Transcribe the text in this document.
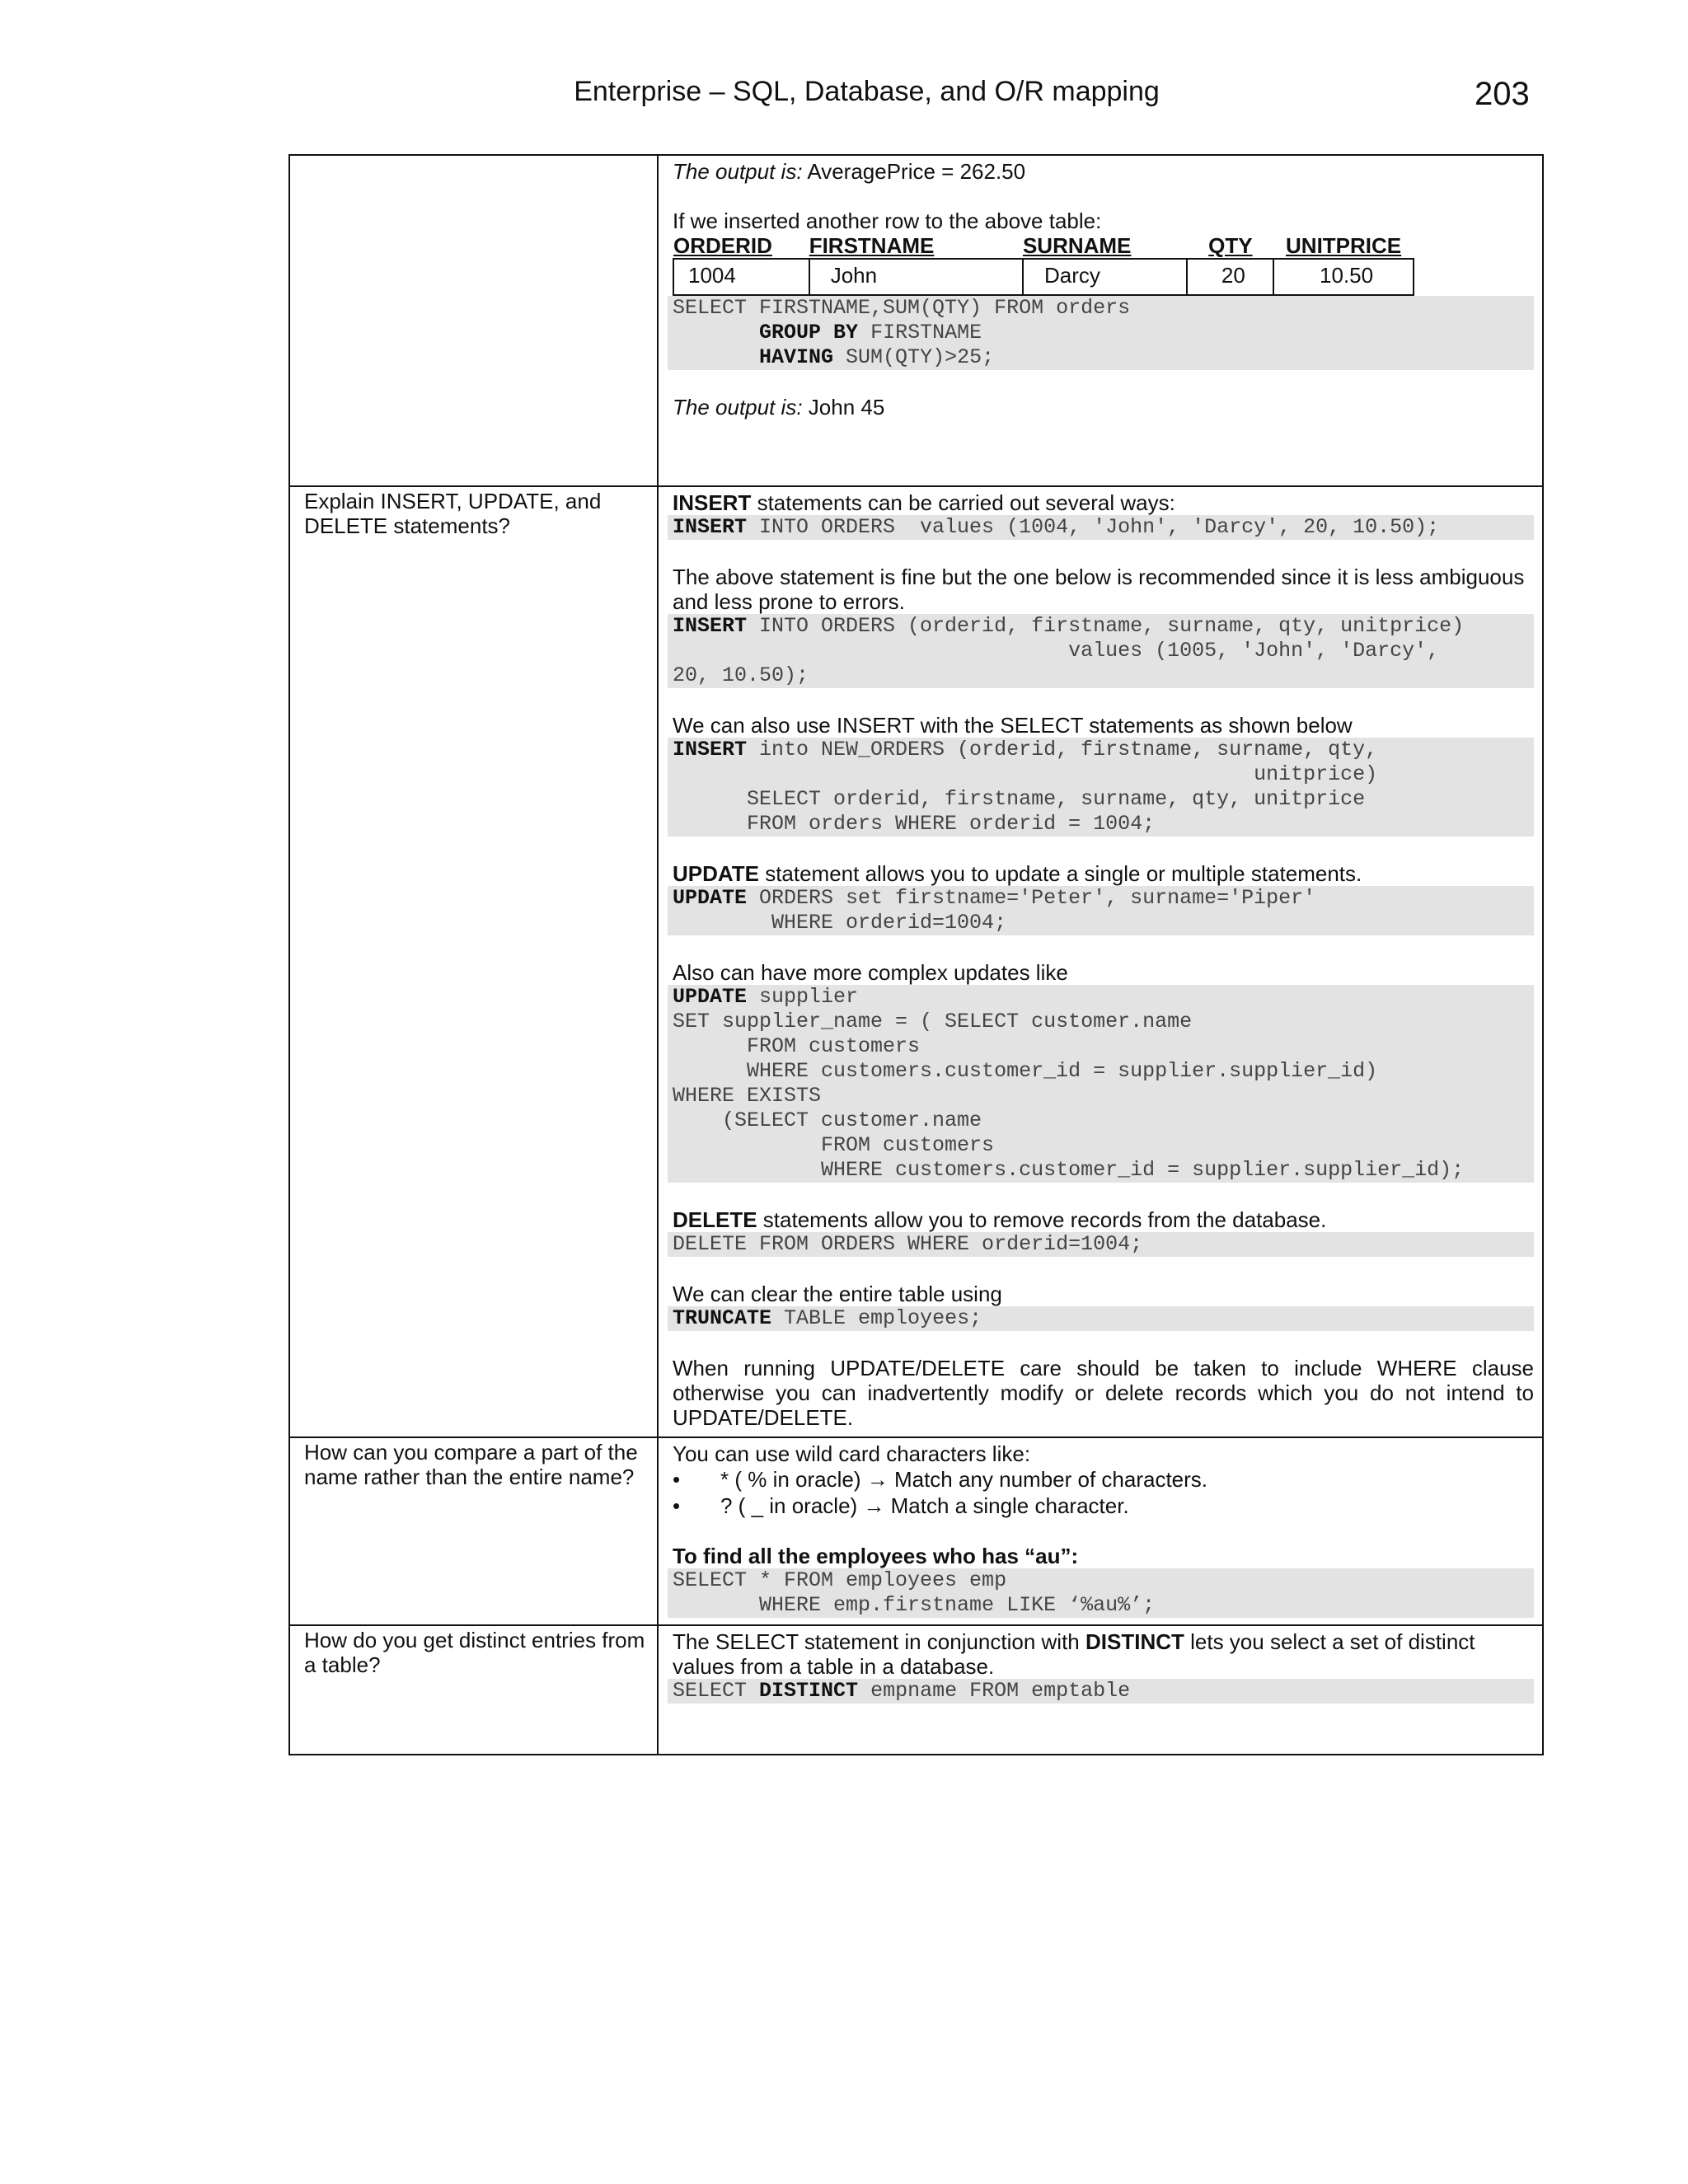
Enterprise – SQL, Database, and O/R mapping	203

The output is: AveragePrice = 262.50

If we inserted another row to the above table:

ORDERID	FIRSTNAME	SURNAME	QTY	UNITPRICE
1004	John	Darcy	20	10.50
SELECT FIRSTNAME,SUM(QTY) FROM orders
GROUP BY FIRSTNAME
HAVING SUM(QTY)>25;

The output is: John 45

Explain INSERT, UPDATE, and DELETE statements?

INSERT statements can be carried out several ways:

INSERT INTO ORDERS  values (1004, 'John', 'Darcy', 20, 10.50);

The above statement is fine but the one below is recommended since it is less ambiguous and less prone to errors.

INSERT INTO ORDERS (orderid, firstname, surname, qty, unitprice)
values (1005, 'John', 'Darcy',
20, 10.50);

We can also use INSERT with the SELECT statements as shown below

INSERT into NEW_ORDERS (orderid, firstname, surname, qty,
unitprice)
SELECT orderid, firstname, surname, qty, unitprice
FROM orders WHERE orderid = 1004;

UPDATE statement allows you to update a single or multiple statements.

UPDATE ORDERS set firstname='Peter', surname='Piper'
WHERE orderid=1004;

Also can have more complex updates like

UPDATE supplier
SET supplier_name = ( SELECT customer.name
FROM customers
WHERE customers.customer_id = supplier.supplier_id)
WHERE EXISTS
(SELECT customer.name
FROM customers
WHERE customers.customer_id = supplier.supplier_id);

DELETE statements allow you to remove records from the database.

DELETE FROM ORDERS WHERE orderid=1004;

We can clear the entire table using

TRUNCATE TABLE employees;

When running UPDATE/DELETE care should be taken to include WHERE clause otherwise you can inadvertently modify or delete records which you do not intend to UPDATE/DELETE.

How can you compare a part of the name rather than the entire name?

You can use wild card characters like:

• * ( % in oracle) → Match any number of characters.
• ? ( _ in oracle) → Match a single character.

To find all the employees who has “au”:

SELECT * FROM employees emp
WHERE emp.firstname LIKE ‘%au%’;

How do you get distinct entries from a table?

The SELECT statement in conjunction with DISTINCT lets you select a set of distinct values from a table in a database.

SELECT DISTINCT empname FROM emptable
